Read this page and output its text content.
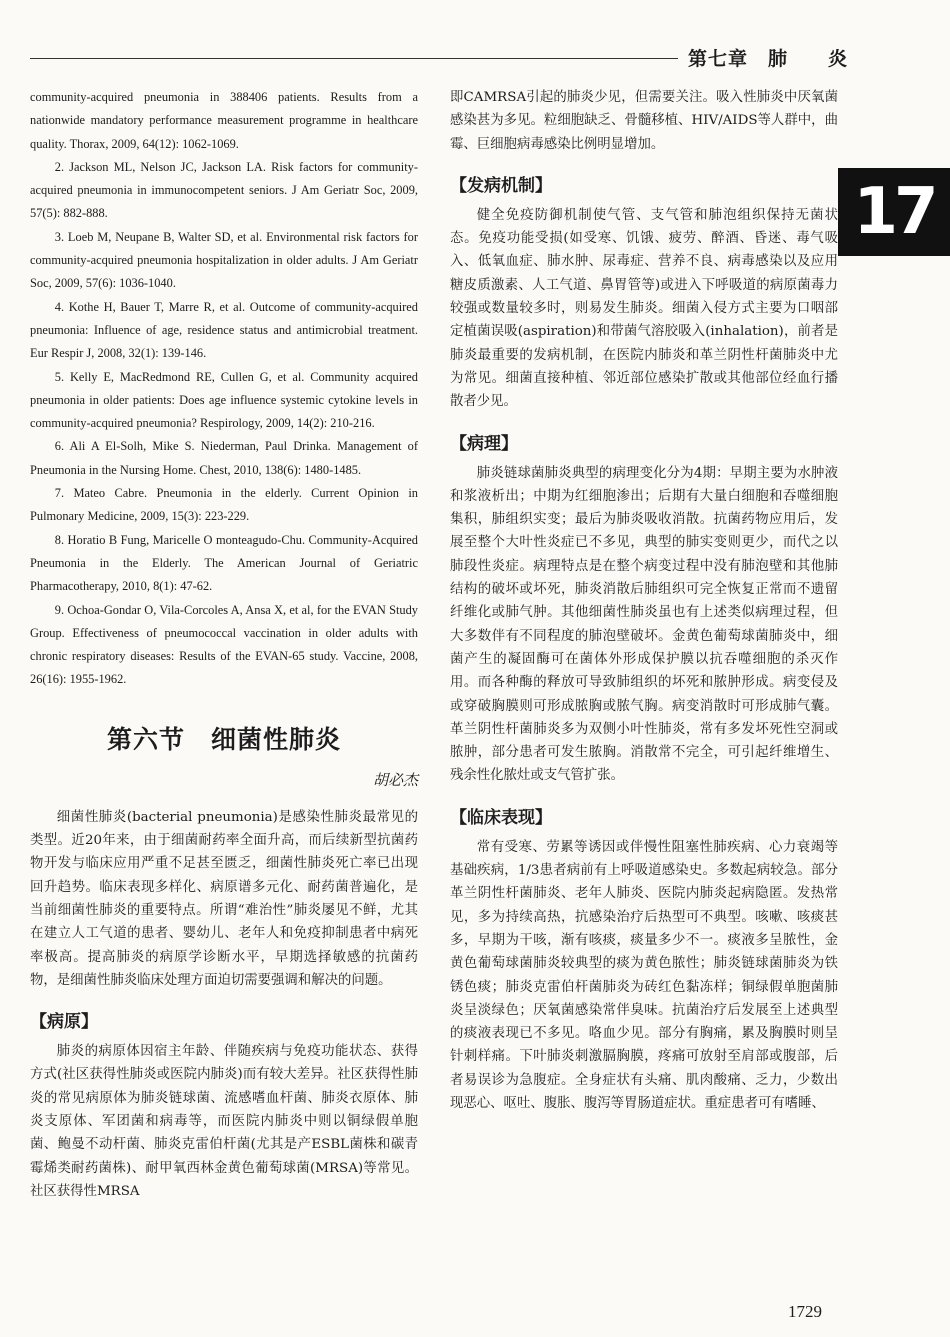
第七章　肺　　炎
17

community-acquired pneumonia in 388406 patients. Results from a nationwide mandatory performance measurement programme in healthcare quality. Thorax, 2009, 64(12): 1062-1069.

2. Jackson ML, Nelson JC, Jackson LA. Risk factors for community-acquired pneumonia in immunocompetent seniors. J Am Geriatr Soc, 2009, 57(5): 882-888.

3. Loeb M, Neupane B, Walter SD, et al. Environmental risk factors for community-acquired pneumonia hospitalization in older adults. J Am Geriatr Soc, 2009, 57(6): 1036-1040.

4. Kothe H, Bauer T, Marre R, et al. Outcome of community-acquired pneumonia: Influence of age, residence status and antimicrobial treatment. Eur Respir J, 2008, 32(1): 139-146.

5. Kelly E, MacRedmond RE, Cullen G, et al. Community acquired pneumonia in older patients: Does age influence systemic cytokine levels in community-acquired pneumonia? Respirology, 2009, 14(2): 210-216.

6. Ali A El-Solh, Mike S. Niederman, Paul Drinka. Management of Pneumonia in the Nursing Home. Chest, 2010, 138(6): 1480-1485.

7. Mateo Cabre. Pneumonia in the elderly. Current Opinion in Pulmonary Medicine, 2009, 15(3): 223-229.

8. Horatio B Fung, Maricelle O monteagudo-Chu. Community-Acquired Pneumonia in the Elderly. The American Journal of Geriatric Pharmacotherapy, 2010, 8(1): 47-62.

9. Ochoa-Gondar O, Vila-Corcoles A, Ansa X, et al, for the EVAN Study Group. Effectiveness of pneumococcal vaccination in older adults with chronic respiratory diseases: Results of the EVAN-65 study. Vaccine, 2008, 26(16): 1955-1962.

第六节　细菌性肺炎
胡必杰

细菌性肺炎(bacterial pneumonia)是感染性肺炎最常见的类型。近20年来，由于细菌耐药率全面升高，而后续新型抗菌药物开发与临床应用严重不足甚至匮乏，细菌性肺炎死亡率已出现回升趋势。临床表现多样化、病原谱多元化、耐药菌普遍化，是当前细菌性肺炎的重要特点。所谓“难治性”肺炎屡见不鲜，尤其在建立人工气道的患者、婴幼儿、老年人和免疫抑制患者中病死率极高。提高肺炎的病原学诊断水平，早期选择敏感的抗菌药物，是细菌性肺炎临床处理方面迫切需要强调和解决的问题。

【病原】

肺炎的病原体因宿主年龄、伴随疾病与免疫功能状态、获得方式(社区获得性肺炎或医院内肺炎)而有较大差异。社区获得性肺炎的常见病原体为肺炎链球菌、流感嗜血杆菌、肺炎衣原体、肺炎支原体、军团菌和病毒等，而医院内肺炎中则以铜绿假单胞菌、鲍曼不动杆菌、肺炎克雷伯杆菌(尤其是产ESBL菌株和碳青霉烯类耐药菌株)、耐甲氧西林金黄色葡萄球菌(MRSA)等常见。社区获得性MRSA

即CAMRSA引起的肺炎少见，但需要关注。吸入性肺炎中厌氧菌感染甚为多见。粒细胞缺乏、骨髓移植、HIV/AIDS等人群中，曲霉、巨细胞病毒感染比例明显增加。

【发病机制】

健全免疫防御机制使气管、支气管和肺泡组织保持无菌状态。免疫功能受损(如受寒、饥饿、疲劳、醉酒、昏迷、毒气吸入、低氧血症、肺水肿、尿毒症、营养不良、病毒感染以及应用糖皮质激素、人工气道、鼻胃管等)或进入下呼吸道的病原菌毒力较强或数量较多时，则易发生肺炎。细菌入侵方式主要为口咽部定植菌误吸(aspiration)和带菌气溶胶吸入(inhalation)，前者是肺炎最重要的发病机制，在医院内肺炎和革兰阴性杆菌肺炎中尤为常见。细菌直接种植、邻近部位感染扩散或其他部位经血行播散者少见。

【病理】

肺炎链球菌肺炎典型的病理变化分为4期：早期主要为水肿液和浆液析出；中期为红细胞渗出；后期有大量白细胞和吞噬细胞集积，肺组织实变；最后为肺炎吸收消散。抗菌药物应用后，发展至整个大叶性炎症已不多见，典型的肺实变则更少，而代之以肺段性炎症。病理特点是在整个病变过程中没有肺泡壁和其他肺结构的破坏或坏死，肺炎消散后肺组织可完全恢复正常而不遗留纤维化或肺气肿。其他细菌性肺炎虽也有上述类似病理过程，但大多数伴有不同程度的肺泡壁破坏。金黄色葡萄球菌肺炎中，细菌产生的凝固酶可在菌体外形成保护膜以抗吞噬细胞的杀灭作用。而各种酶的释放可导致肺组织的坏死和脓肿形成。病变侵及或穿破胸膜则可形成脓胸或脓气胸。病变消散时可形成肺气囊。革兰阴性杆菌肺炎多为双侧小叶性肺炎，常有多发坏死性空洞或脓肿，部分患者可发生脓胸。消散常不完全，可引起纤维增生、残余性化脓灶或支气管扩张。

【临床表现】

常有受寒、劳累等诱因或伴慢性阻塞性肺疾病、心力衰竭等基础疾病，1/3患者病前有上呼吸道感染史。多数起病较急。部分革兰阴性杆菌肺炎、老年人肺炎、医院内肺炎起病隐匿。发热常见，多为持续高热，抗感染治疗后热型可不典型。咳嗽、咳痰甚多，早期为干咳，渐有咳痰，痰量多少不一。痰液多呈脓性，金黄色葡萄球菌肺炎较典型的痰为黄色脓性；肺炎链球菌肺炎为铁锈色痰；肺炎克雷伯杆菌肺炎为砖红色黏冻样；铜绿假单胞菌肺炎呈淡绿色；厌氧菌感染常伴臭味。抗菌治疗后发展至上述典型的痰液表现已不多见。咯血少见。部分有胸痛，累及胸膜时则呈针刺样痛。下叶肺炎刺激膈胸膜，疼痛可放射至肩部或腹部，后者易误诊为急腹症。全身症状有头痛、肌肉酸痛、乏力，少数出现恶心、呕吐、腹胀、腹泻等胃肠道症状。重症患者可有嗜睡、

1729
